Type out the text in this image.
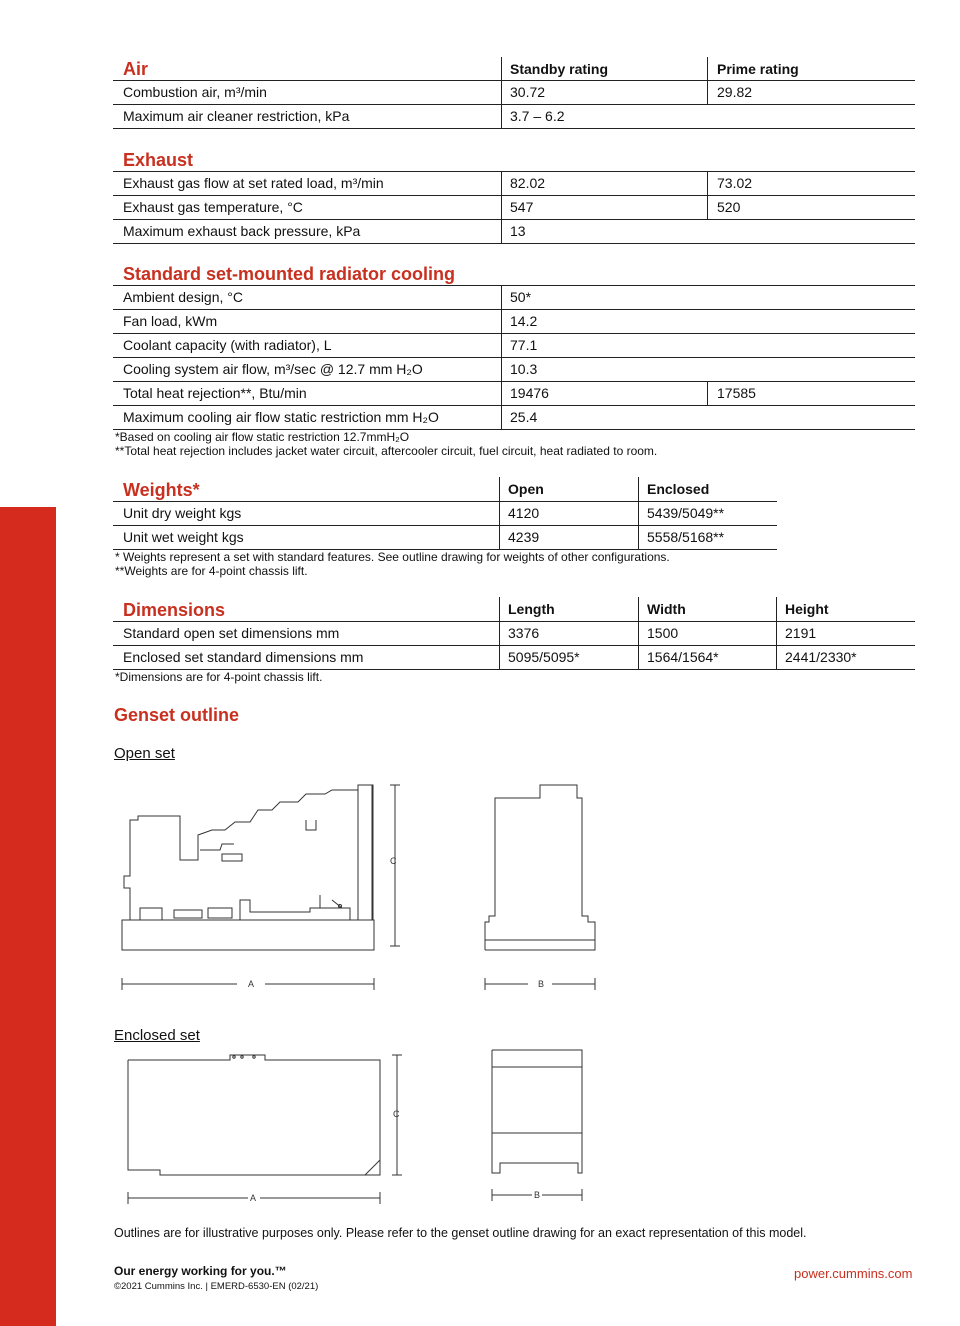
Air	Standby rating	Prime rating
Combustion air, m³/min	30.72	29.82
Maximum air cleaner restriction, kPa	3.7 – 6.2
Exhaust
Exhaust gas flow at set rated load, m³/min	82.02	73.02
Exhaust gas temperature, °C	547	520
Maximum exhaust back pressure, kPa	13
Standard set-mounted radiator cooling
Ambient design, °C	50*
Fan load, kWm	14.2
Coolant capacity (with radiator), L	77.1
Cooling system air flow, m³/sec @ 12.7 mm H₂O	10.3
Total heat rejection**, Btu/min	19476	17585
Maximum cooling air flow static restriction mm H₂O	25.4
*Based on cooling air flow static restriction 12.7mmH₂O
**Total heat rejection includes jacket water circuit, aftercooler circuit, fuel circuit, heat radiated to room.
Weights*	Open	Enclosed
Unit dry weight kgs	4120	5439/5049**
Unit wet weight kgs	4239	5558/5168**
* Weights represent a set with standard features. See outline drawing for weights of other configurations.
**Weights are for 4-point chassis lift.
Dimensions	Length	Width	Height
Standard open set dimensions mm	3376	1500	2191
Enclosed set standard dimensions mm	5095/5095*	1564/1564*	2441/2330*
*Dimensions are for 4-point chassis lift.
Genset outline
Open set
C
A	B
Enclosed set
C
A	B
Outlines are for illustrative purposes only. Please refer to the genset outline drawing for an exact representation of this model.
Our energy working for you.™
©2021 Cummins Inc. | EMERD-6530-EN (02/21)
power.cummins.com
